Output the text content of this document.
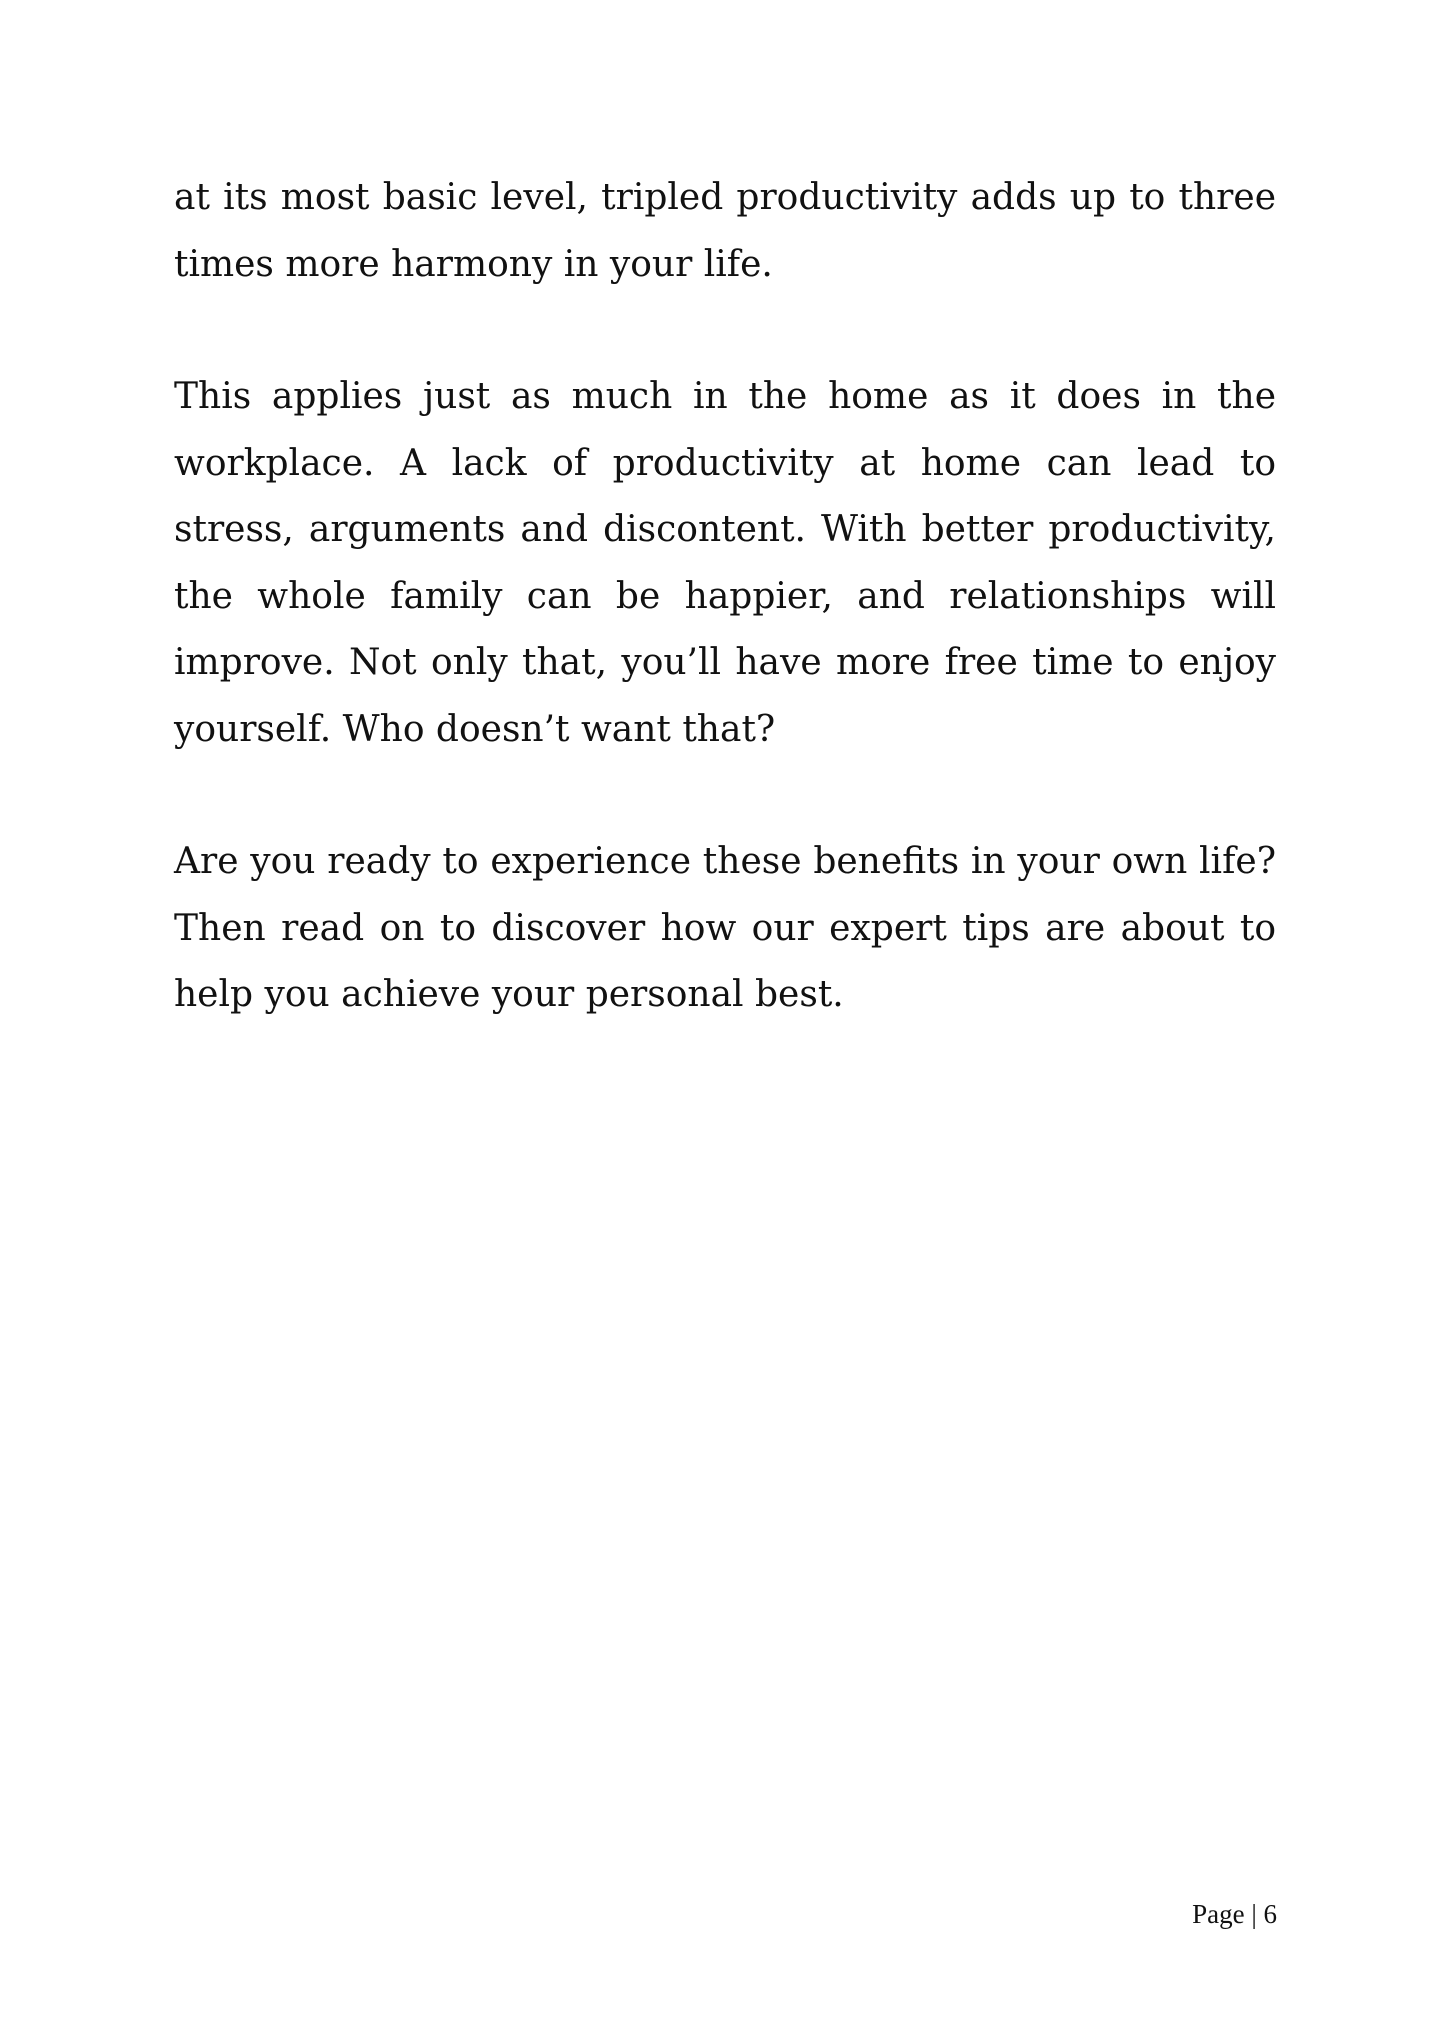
at its most basic level, tripled productivity adds up to three times more harmony in your life.

This applies just as much in the home as it does in the workplace. A lack of productivity at home can lead to stress, arguments and discontent. With better productivity, the whole family can be happier, and relationships will improve. Not only that, you’ll have more free time to enjoy yourself. Who doesn’t want that?

Are you ready to experience these benefits in your own life? Then read on to discover how our expert tips are about to help you achieve your personal best.

Page | 6
